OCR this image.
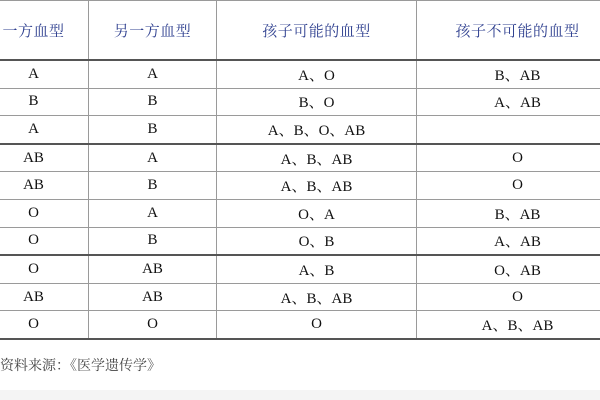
一方血型	另一方血型	孩子可能的血型	孩子不可能的血型
A	A	A、O	B、AB
B	B	B、O	A、AB
A	B	A、B、O、AB	
AB	A	A、B、AB	O
AB	B	A、B、AB	O
O	A	O、A	B、AB
O	B	O、B	A、AB
O	AB	A、B	O、AB
AB	AB	A、B、AB	O
O	O	O	A、B、AB
资料来源：《医学遗传学》
